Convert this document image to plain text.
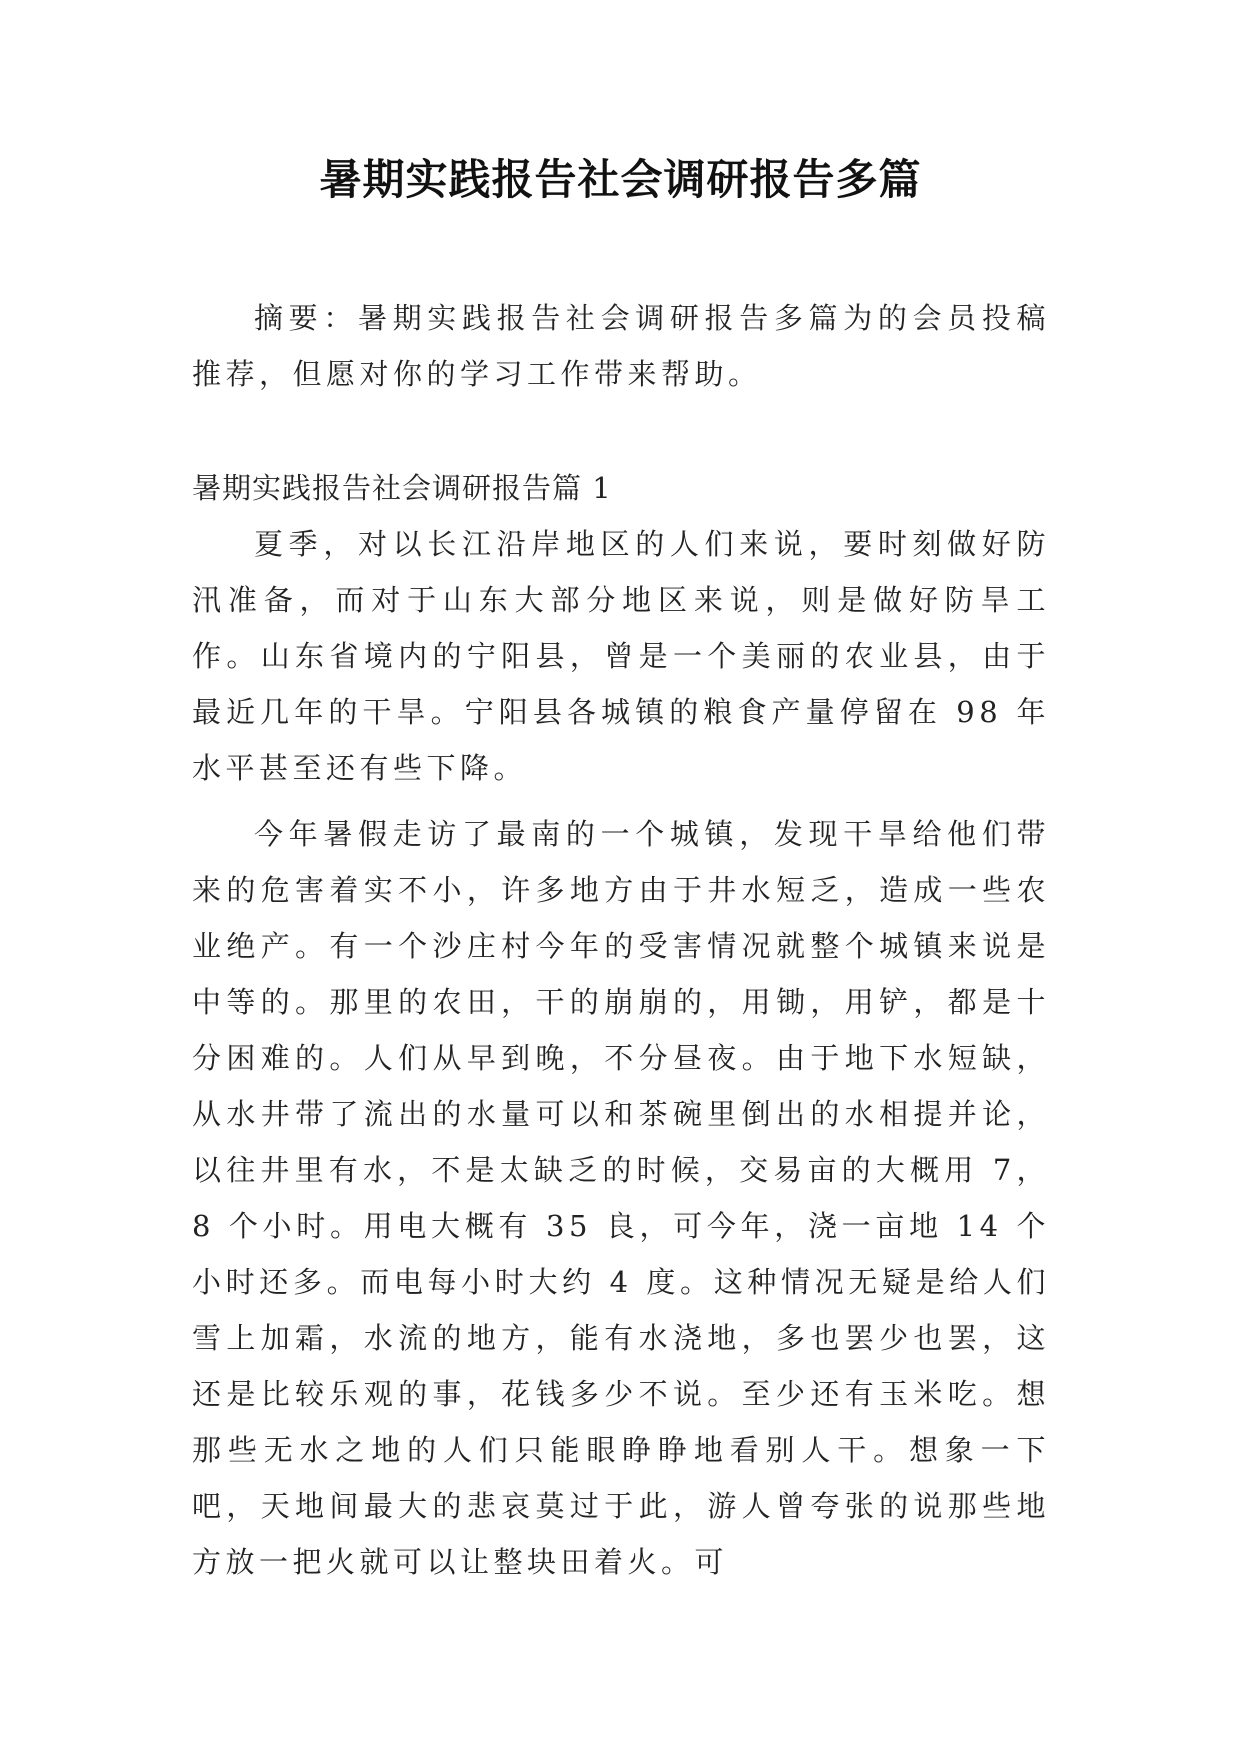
暑期实践报告社会调研报告多篇

摘要：暑期实践报告社会调研报告多篇为的会员投稿推荐，但愿对你的学习工作带来帮助。

暑期实践报告社会调研报告篇 1

夏季，对以长江沿岸地区的人们来说，要时刻做好防汛准备，而对于山东大部分地区来说，则是做好防旱工作。山东省境内的宁阳县，曾是一个美丽的农业县，由于最近几年的干旱。宁阳县各城镇的粮食产量停留在 98 年水平甚至还有些下降。

今年暑假走访了最南的一个城镇，发现干旱给他们带来的危害着实不小，许多地方由于井水短乏，造成一些农业绝产。有一个沙庄村今年的受害情况就整个城镇来说是中等的。那里的农田，干的崩崩的，用锄，用铲，都是十分困难的。人们从早到晚，不分昼夜。由于地下水短缺，从水井带了流出的水量可以和茶碗里倒出的水相提并论，以往井里有水，不是太缺乏的时候，交易亩的大概用 7，8 个小时。用电大概有 35 良，可今年，浇一亩地 14 个小时还多。而电每小时大约 4 度。这种情况无疑是给人们雪上加霜，水流的地方，能有水浇地，多也罢少也罢，这还是比较乐观的事，花钱多少不说。至少还有玉米吃。想那些无水之地的人们只能眼睁睁地看别人干。想象一下吧，天地间最大的悲哀莫过于此，游人曾夸张的说那些地方放一把火就可以让整块田着火。可
